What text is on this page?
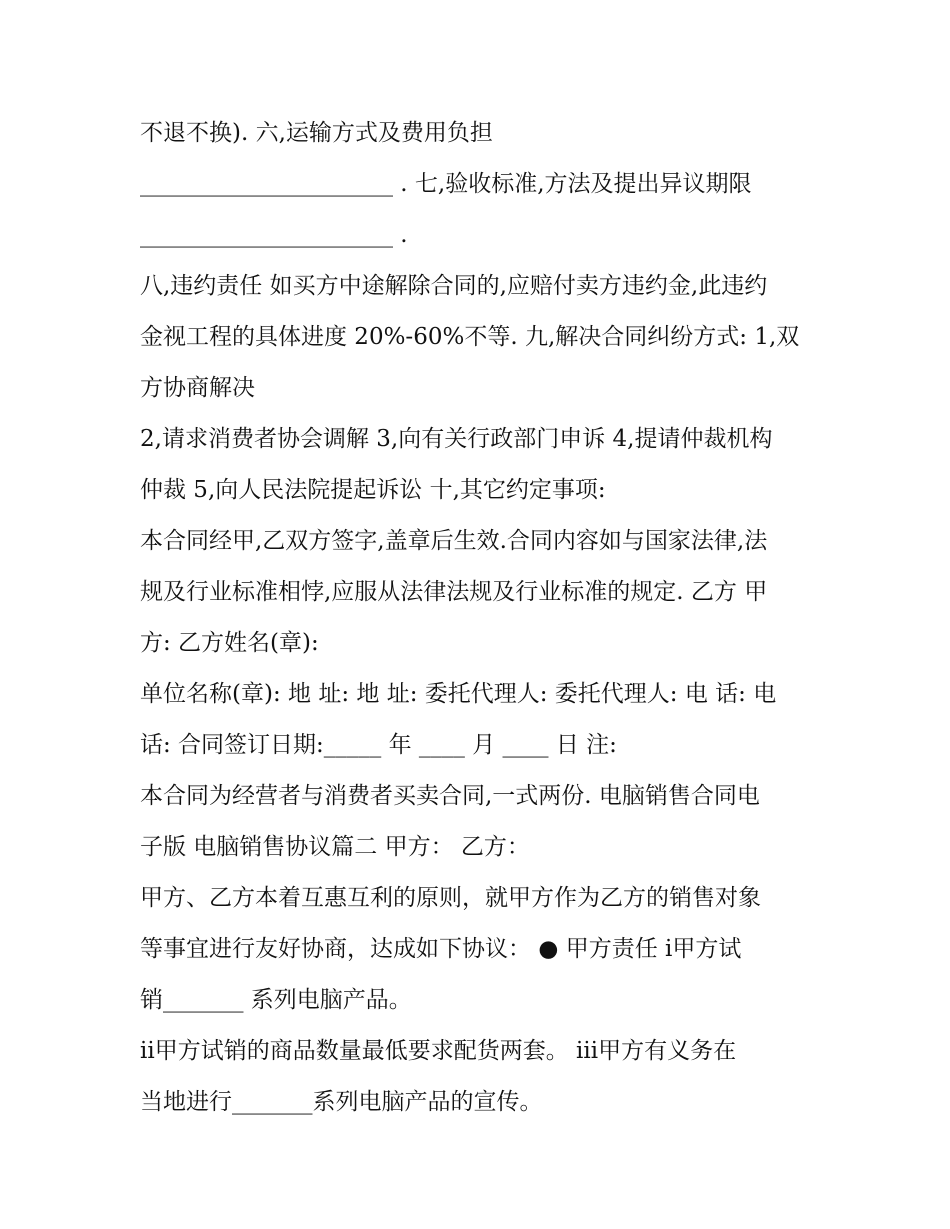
不退不换). 六,运输方式及费用负担
______________________ . 七,验收标准,方法及提出异议期限
______________________ .
八,违约责任 如买方中途解除合同的,应赔付卖方违约金,此违约
金视工程的具体进度 20%-60%不等. 九,解决合同纠纷方式: 1,双
方协商解决
2,请求消费者协会调解 3,向有关行政部门申诉 4,提请仲裁机构
仲裁 5,向人民法院提起诉讼 十,其它约定事项:
本合同经甲,乙双方签字,盖章后生效.合同内容如与国家法律,法
规及行业标准相悖,应服从法律法规及行业标准的规定. 乙方 甲
方: 乙方姓名(章):
单位名称(章): 地 址: 地 址: 委托代理人: 委托代理人: 电 话: 电
话: 合同签订日期:_____ 年 ____ 月 ____ 日 注:
本合同为经营者与消费者买卖合同,一式两份. 电脑销售合同电
子版 电脑销售协议篇二 甲方： 乙方：
甲方、乙方本着互惠互利的原则，就甲方作为乙方的销售对象
等事宜进行友好协商，达成如下协议： ● 甲方责任 ⅰ甲方试
销_______ 系列电脑产品。
ⅱ甲方试销的商品数量最低要求配货两套。 ⅲ甲方有义务在
当地进行_______系列电脑产品的宣传。
